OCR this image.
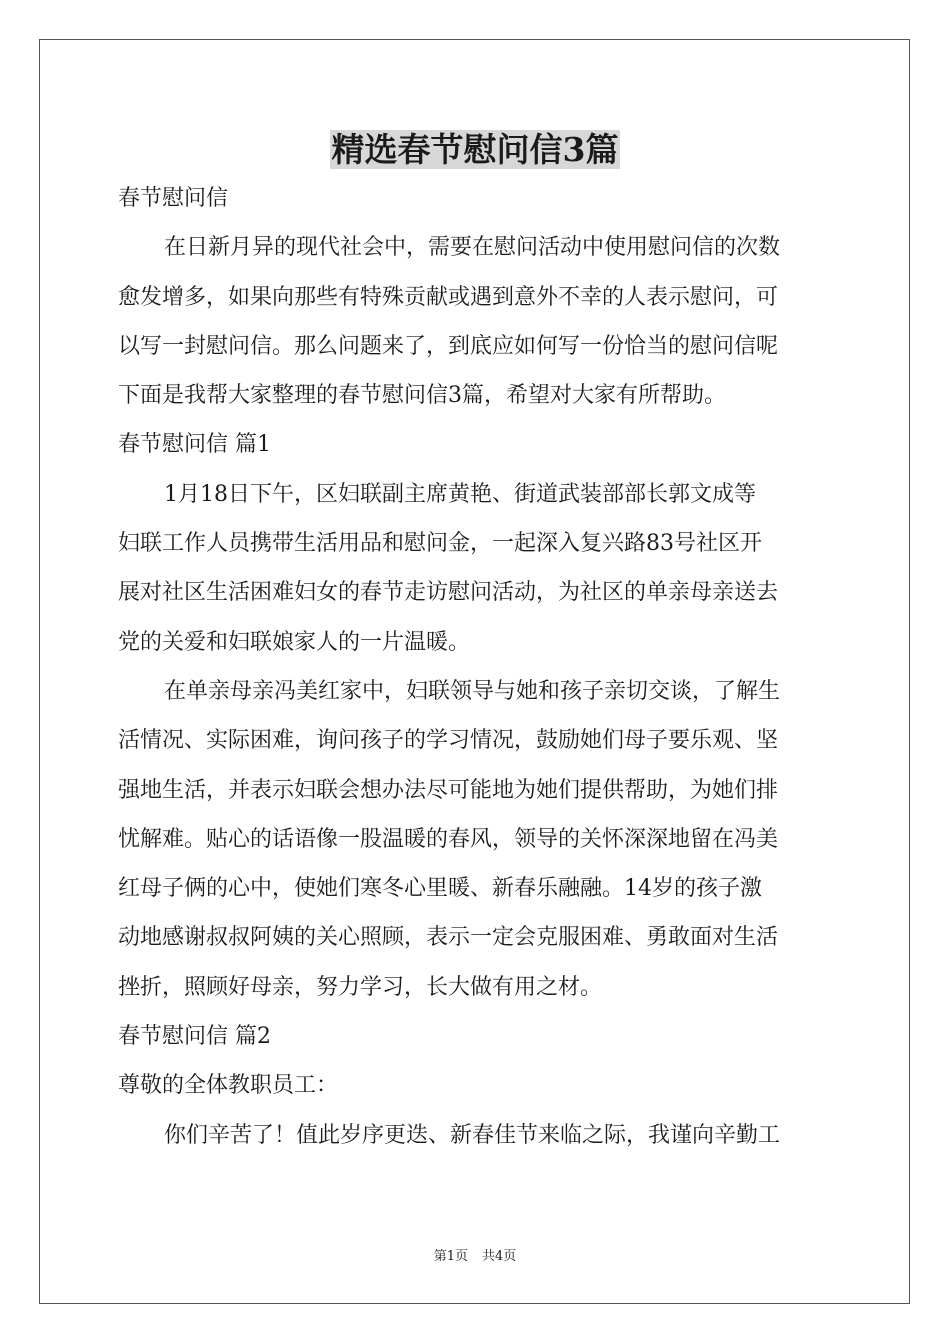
精选春节慰问信3篇

春节慰问信

在日新月异的现代社会中，需要在慰问活动中使用慰问信的次数

愈发增多，如果向那些有特殊贡献或遇到意外不幸的人表示慰问，可

以写一封慰问信。那么问题来了，到底应如何写一份恰当的慰问信呢

下面是我帮大家整理的春节慰问信3篇，希望对大家有所帮助。

春节慰问信 篇1

1月18日下午，区妇联副主席黄艳、街道武装部部长郭文成等

妇联工作人员携带生活用品和慰问金，一起深入复兴路83号社区开

展对社区生活困难妇女的春节走访慰问活动，为社区的单亲母亲送去

党的关爱和妇联娘家人的一片温暖。

在单亲母亲冯美红家中，妇联领导与她和孩子亲切交谈，了解生

活情况、实际困难，询问孩子的学习情况，鼓励她们母子要乐观、坚

强地生活，并表示妇联会想办法尽可能地为她们提供帮助，为她们排

忧解难。贴心的话语像一股温暖的春风，领导的关怀深深地留在冯美

红母子俩的心中，使她们寒冬心里暖、新春乐融融。14岁的孩子激

动地感谢叔叔阿姨的关心照顾，表示一定会克服困难、勇敢面对生活

挫折，照顾好母亲，努力学习，长大做有用之材。

春节慰问信 篇2

尊敬的全体教职员工：

你们辛苦了！值此岁序更迭、新春佳节来临之际，我谨向辛勤工

第1页 共4页
